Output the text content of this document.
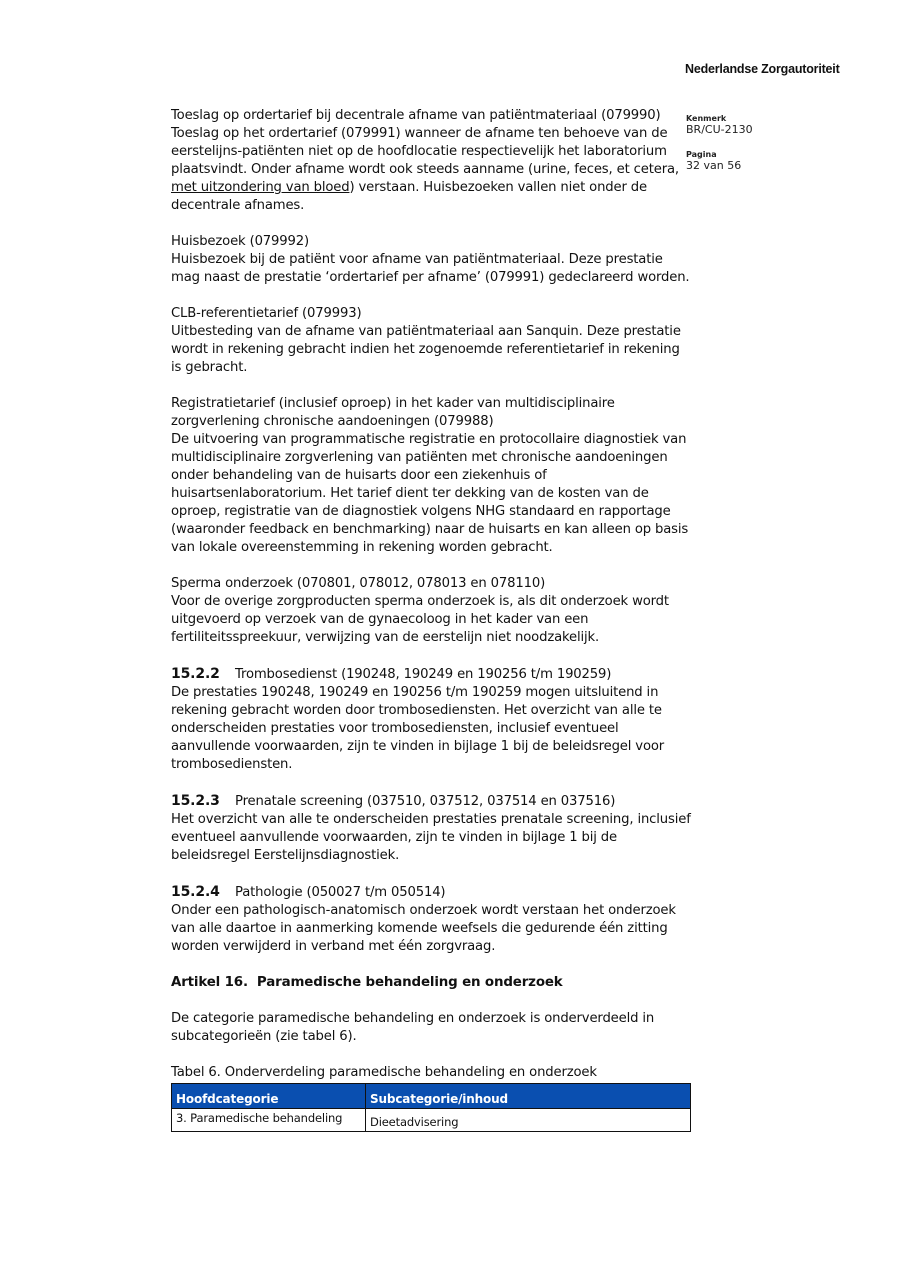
Nederlandse Zorgautoriteit
Kenmerk
BR/CU-2130
Pagina
32 van 56

Toeslag op ordertarief bij decentrale afname van patiëntmateriaal (079990)

Toeslag op het ordertarief (079991) wanneer de afname ten behoeve van de eerstelijns-patiënten niet op de hoofdlocatie respectievelijk het laboratorium plaatsvindt. Onder afname wordt ook steeds aanname (urine, feces, et cetera, met uitzondering van bloed) verstaan. Huisbezoeken vallen niet onder de decentrale afnames.

Huisbezoek (079992)

Huisbezoek bij de patiënt voor afname van patiëntmateriaal. Deze prestatie mag naast de prestatie ‘ordertarief per afname’ (079991) gedeclareerd worden.

CLB-referentietarief (079993)

Uitbesteding van de afname van patiëntmateriaal aan Sanquin. Deze prestatie wordt in rekening gebracht indien het zogenoemde referentietarief in rekening is gebracht.

Registratietarief (inclusief oproep) in het kader van multidisciplinaire zorgverlening chronische aandoeningen (079988)

De uitvoering van programmatische registratie en protocollaire diagnostiek van multidisciplinaire zorgverlening van patiënten met chronische aandoeningen onder behandeling van de huisarts door een ziekenhuis of huisartsenlaboratorium. Het tarief dient ter dekking van de kosten van de oproep, registratie van de diagnostiek volgens NHG standaard en rapportage (waaronder feedback en benchmarking) naar de huisarts en kan alleen op basis van lokale overeenstemming in rekening worden gebracht.

Sperma onderzoek (070801, 078012, 078013 en 078110)

Voor de overige zorgproducten sperma onderzoek is, als dit onderzoek wordt uitgevoerd op verzoek van de gynaecoloog in het kader van een fertiliteitsspreekuur, verwijzing van de eerstelijn niet noodzakelijk.

15.2.2 Trombosedienst (190248, 190249 en 190256 t/m 190259)

De prestaties 190248, 190249 en 190256 t/m 190259 mogen uitsluitend in rekening gebracht worden door trombosediensten. Het overzicht van alle te onderscheiden prestaties voor trombosediensten, inclusief eventueel aanvullende voorwaarden, zijn te vinden in bijlage 1 bij de beleidsregel voor trombosediensten.

15.2.3 Prenatale screening (037510, 037512, 037514 en 037516)

Het overzicht van alle te onderscheiden prestaties prenatale screening, inclusief eventueel aanvullende voorwaarden, zijn te vinden in bijlage 1 bij de beleidsregel Eerstelijnsdiagnostiek.

15.2.4 Pathologie (050027 t/m 050514)

Onder een pathologisch-anatomisch onderzoek wordt verstaan het onderzoek van alle daartoe in aanmerking komende weefsels die gedurende één zitting worden verwijderd in verband met één zorgvraag.

Artikel 16.  Paramedische behandeling en onderzoek

De categorie paramedische behandeling en onderzoek is onderverdeeld in subcategorieën (zie tabel 6).

Tabel 6. Onderverdeling paramedische behandeling en onderzoek

Hoofdcategorie	Subcategorie/inhoud
3. Paramedische behandeling	Dieetadvisering
